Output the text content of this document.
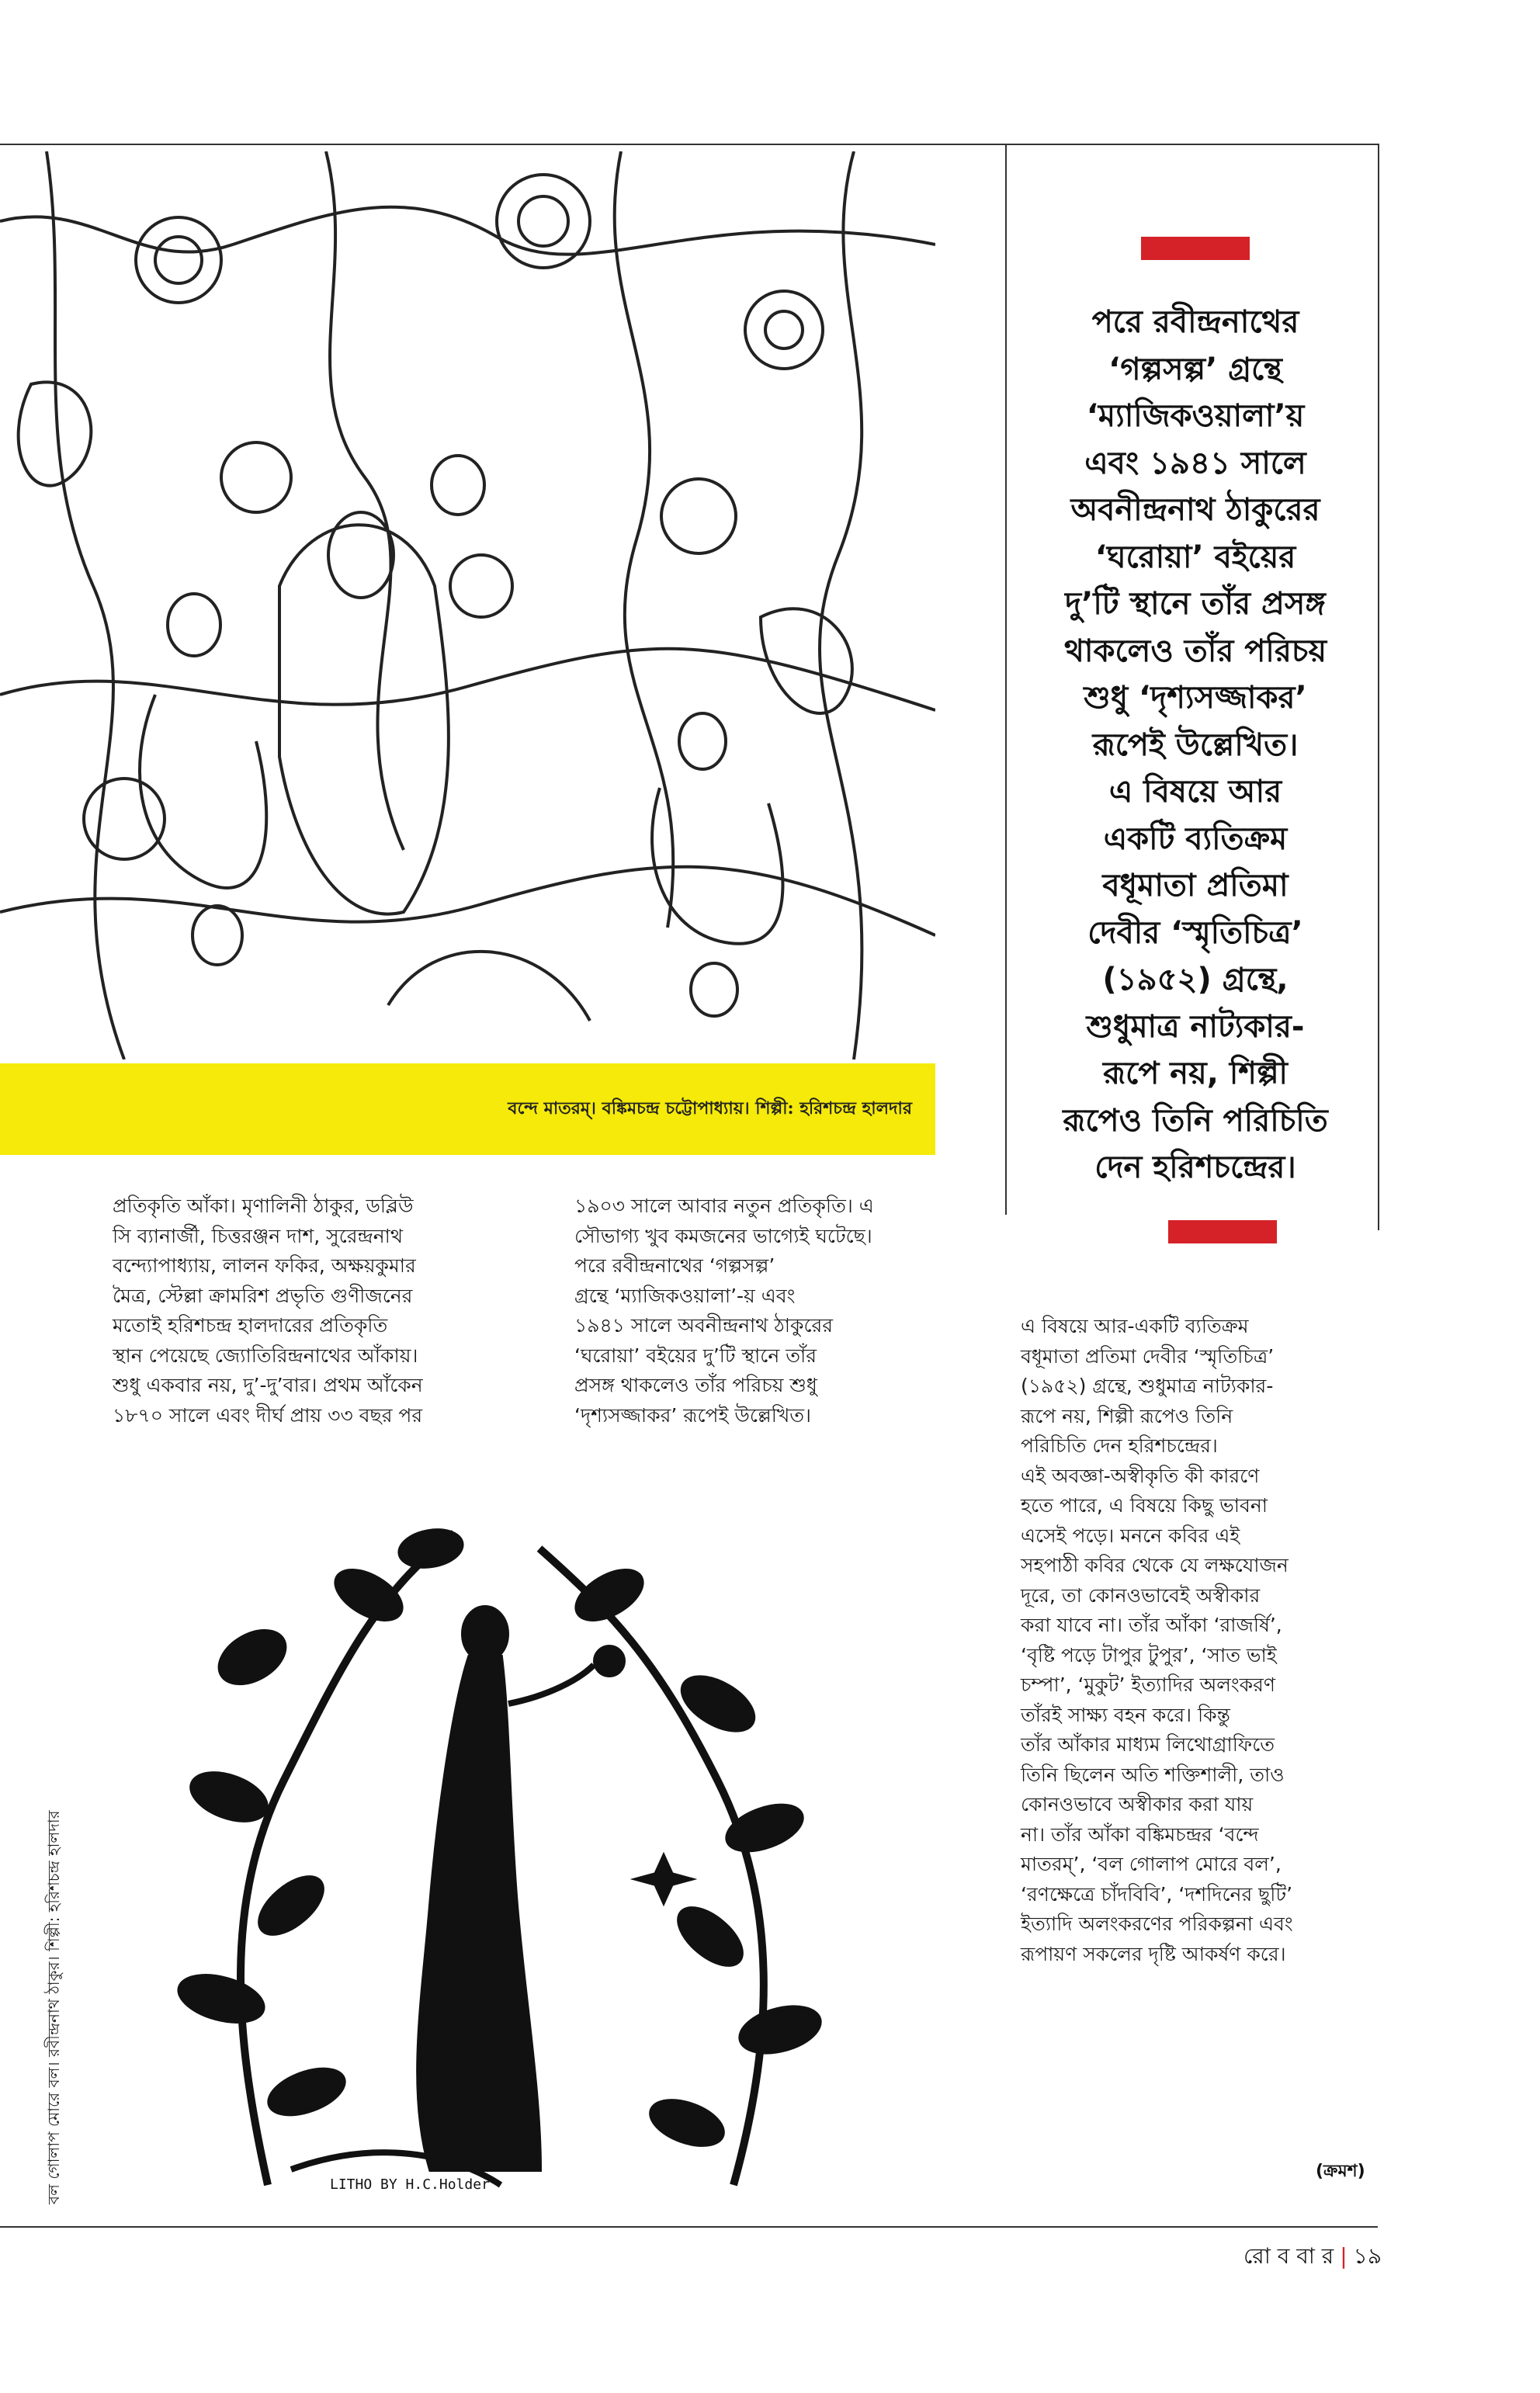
বন্দে মাতরম্। বঙ্কিমচন্দ্র চট্টোপাধ্যায়। শিল্পী: হরিশচন্দ্র হালদার
পরে রবীন্দ্রনাথের
‘গল্পসল্প’ গ্রন্থে
‘ম্যাজিকওয়ালা’য়
এবং ১৯৪১ সালে
অবনীন্দ্রনাথ ঠাকুরের
‘ঘরোয়া’ বইয়ের
দু’টি স্থানে তাঁর প্রসঙ্গ
থাকলেও তাঁর পরিচয়
শুধু ‘দৃশ্যসজ্জাকর’
রূপেই উল্লেখিত।
এ বিষয়ে আর
একটি ব্যতিক্রম
বধূমাতা প্রতিমা
দেবীর ‘স্মৃতিচিত্র’
(১৯৫২) গ্রন্থে,
শুধুমাত্র নাট্যকার-
রূপে নয়, শিল্পী
রূপেও তিনি পরিচিতি
দেন হরিশচন্দ্রের।
প্রতিকৃতি আঁকা। মৃণালিনী ঠাকুর, ডব্লিউ
সি ব্যানার্জী, চিত্তরঞ্জন দাশ, সুরেন্দ্রনাথ
বন্দ্যোপাধ্যায়, লালন ফকির, অক্ষয়কুমার
মৈত্র, স্টেল্লা ক্রামরিশ প্রভৃতি গুণীজনের
মতোই হরিশচন্দ্র হালদারের প্রতিকৃতি
স্থান পেয়েছে জ্যোতিরিন্দ্রনাথের আঁকায়।
শুধু একবার নয়, দু’-দু’বার। প্রথম আঁকেন
১৮৭০ সালে এবং দীর্ঘ প্রায় ৩৩ বছর পর
১৯০৩ সালে আবার নতুন প্রতিকৃতি। এ
সৌভাগ্য খুব কমজনের ভাগ্যেই ঘটেছে।
পরে রবীন্দ্রনাথের ‘গল্পসল্প’
গ্রন্থে ‘ম্যাজিকওয়ালা’-য় এবং
১৯৪১ সালে অবনীন্দ্রনাথ ঠাকুরের
‘ঘরোয়া’ বইয়ের দু’টি স্থানে তাঁর
প্রসঙ্গ থাকলেও তাঁর পরিচয় শুধু
‘দৃশ্যসজ্জাকর’ রূপেই উল্লেখিত।
এ বিষয়ে আর-একটি ব্যতিক্রম
বধূমাতা প্রতিমা দেবীর ‘স্মৃতিচিত্র’
(১৯৫২) গ্রন্থে, শুধুমাত্র নাট্যকার-
রূপে নয়, শিল্পী রূপেও তিনি
পরিচিতি দেন হরিশচন্দ্রের।
এই অবজ্ঞা-অস্বীকৃতি কী কারণে
হতে পারে, এ বিষয়ে কিছু ভাবনা
এসেই পড়ে। মননে কবির এই
সহপাঠী কবির থেকে যে লক্ষযোজন
দূরে, তা কোনওভাবেই অস্বীকার
করা যাবে না। তাঁর আঁকা ‘রাজর্ষি’,
‘বৃষ্টি পড়ে টাপুর টুপুর’, ‘সাত ভাই
চম্পা’, ‘মুকুট’ ইত্যাদির অলংকরণ
তাঁরই সাক্ষ্য বহন করে। কিন্তু
তাঁর আঁকার মাধ্যম লিথোগ্রাফিতে
তিনি ছিলেন অতি শক্তিশালী, তাও
কোনওভাবে অস্বীকার করা যায়
না। তাঁর আঁকা বঙ্কিমচন্দ্রর ‘বন্দে
মাতরম্’, ‘বল গোলাপ মোরে বল’,
‘রণক্ষেত্রে চাঁদবিবি’, ‘দশদিনের ছুটি’
ইত্যাদি অলংকরণের পরিকল্পনা এবং
রূপায়ণ সকলের দৃষ্টি আকর্ষণ করে।
LITHO BY H.C.Holder
বল গোলাপ মোরে বল। রবীন্দ্রনাথ ঠাকুর। শিল্পী: হরিশচন্দ্র হালদার	(ক্রমশ)
রো ব বা র | ১৯
